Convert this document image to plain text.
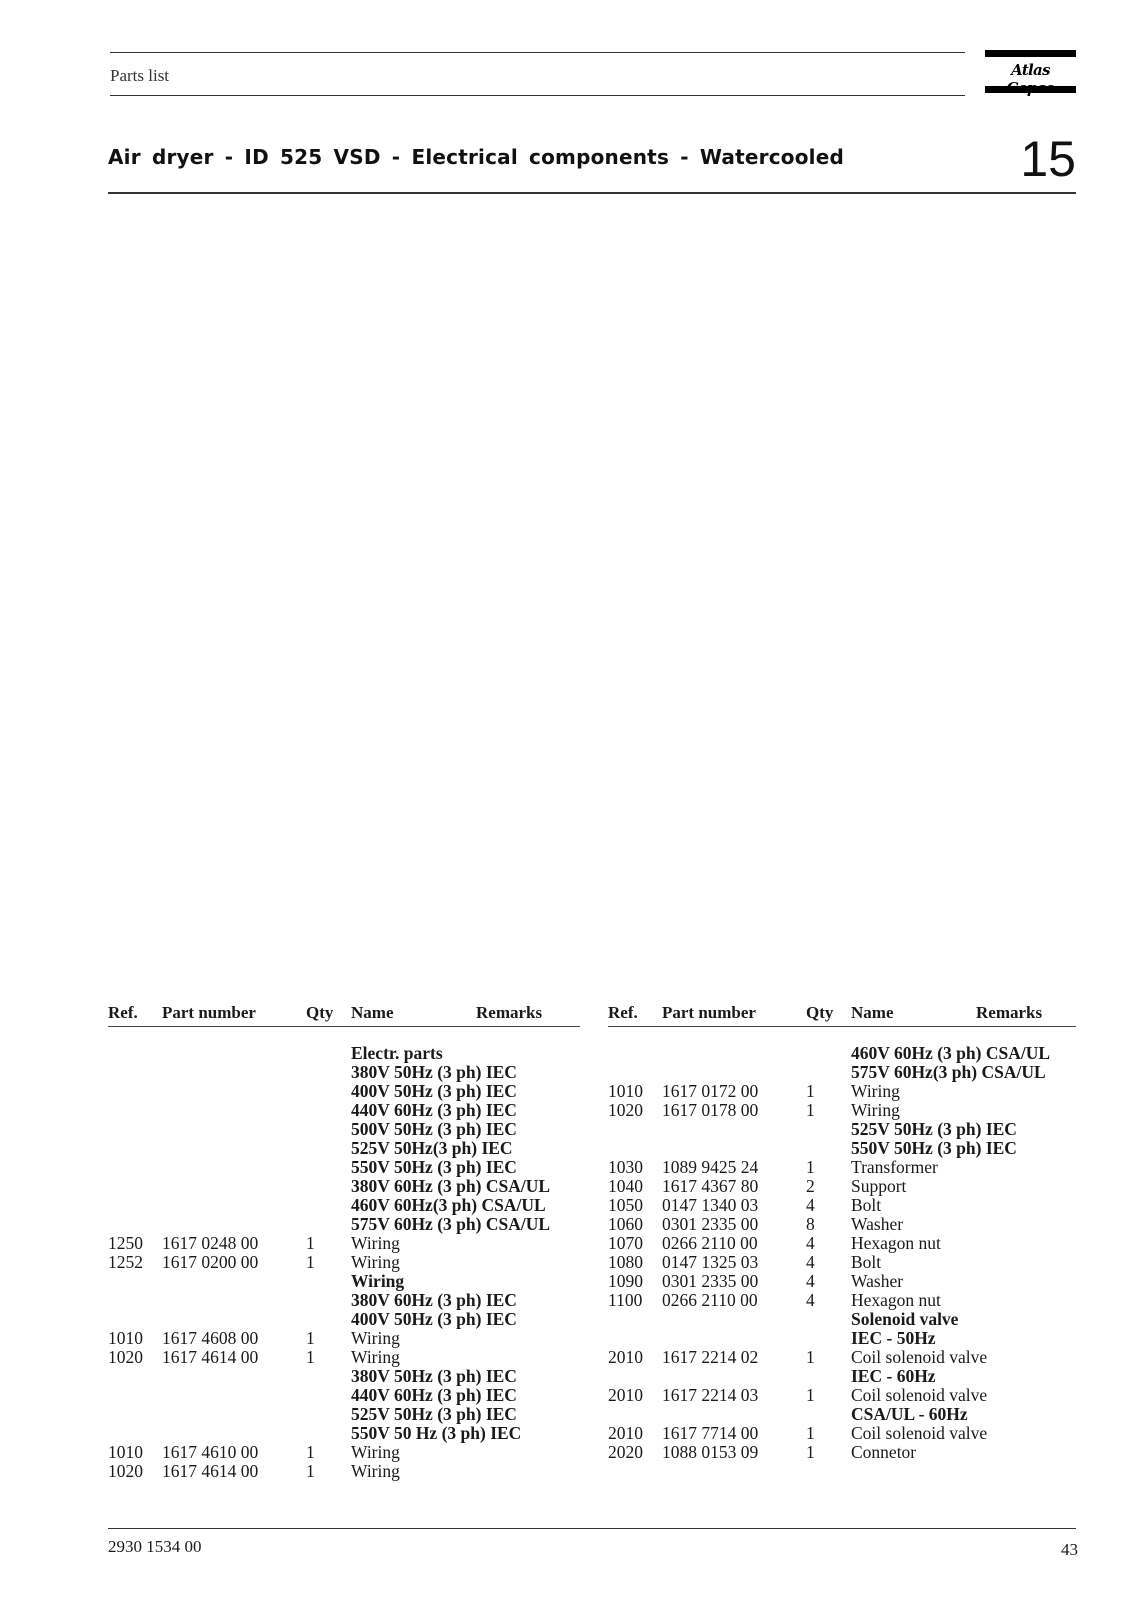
Parts list	Atlas
Air dryer - ID 525 VSD - Electrical components - Watercooled	15
Ref. Part number	Qty Name	Remarks
Electr. parts
380V 50Hz (3 ph) IEC
400V 50Hz (3 ph) IEC
440V 60Hz (3 ph) IEC
500V 50Hz (3 ph) IEC
525V 50Hz(3 ph) IEC
550V 50Hz (3 ph) IEC
380V 60Hz (3 ph) CSA/UL
460V 60Hz(3 ph) CSA/UL
575V 60Hz (3 ph) CSA/UL
1250 1617 0248 00	1 Wiring
1252 1617 0200 00	1 Wiring
Wiring
380V 60Hz (3 ph) IEC
400V 50Hz (3 ph) IEC
1010 1617 4608 00	1 Wiring
1020 1617 4614 00	1 Wiring
380V 50Hz (3 ph) IEC
440V 60Hz (3 ph) IEC
525V 50Hz (3 ph) IEC
550V 50 Hz (3 ph) IEC
1010 1617 4610 00	1 Wiring
1020 1617 4614 00	1 Wiring
Ref. Part number	Qty Name	Remarks
460V 60Hz (3 ph) CSA/UL
575V 60Hz(3 ph) CSA/UL
1010 1617 0172 00	1 Wiring
1020 1617 0178 00	1 Wiring
525V 50Hz (3 ph) IEC
550V 50Hz (3 ph) IEC
1030 1089 9425 24	1 Transformer
1040 1617 4367 80	2 Support
1050 0147 1340 03	4 Bolt
1060 0301 2335 00	8 Washer
1070 0266 2110 00	4 Hexagon nut
1080 0147 1325 03	4 Bolt
1090 0301 2335 00	4 Washer
1100 0266 2110 00	4 Hexagon nut
Solenoid valve
IEC - 50Hz
2010 1617 2214 02	1 Coil solenoid valve
IEC - 60Hz
2010 1617 2214 03	1 Coil solenoid valve
CSA/UL - 60Hz
2010 1617 7714 00	1 Coil solenoid valve
2020 1088 0153 09	1 Connetor
2930 1534 00	43
